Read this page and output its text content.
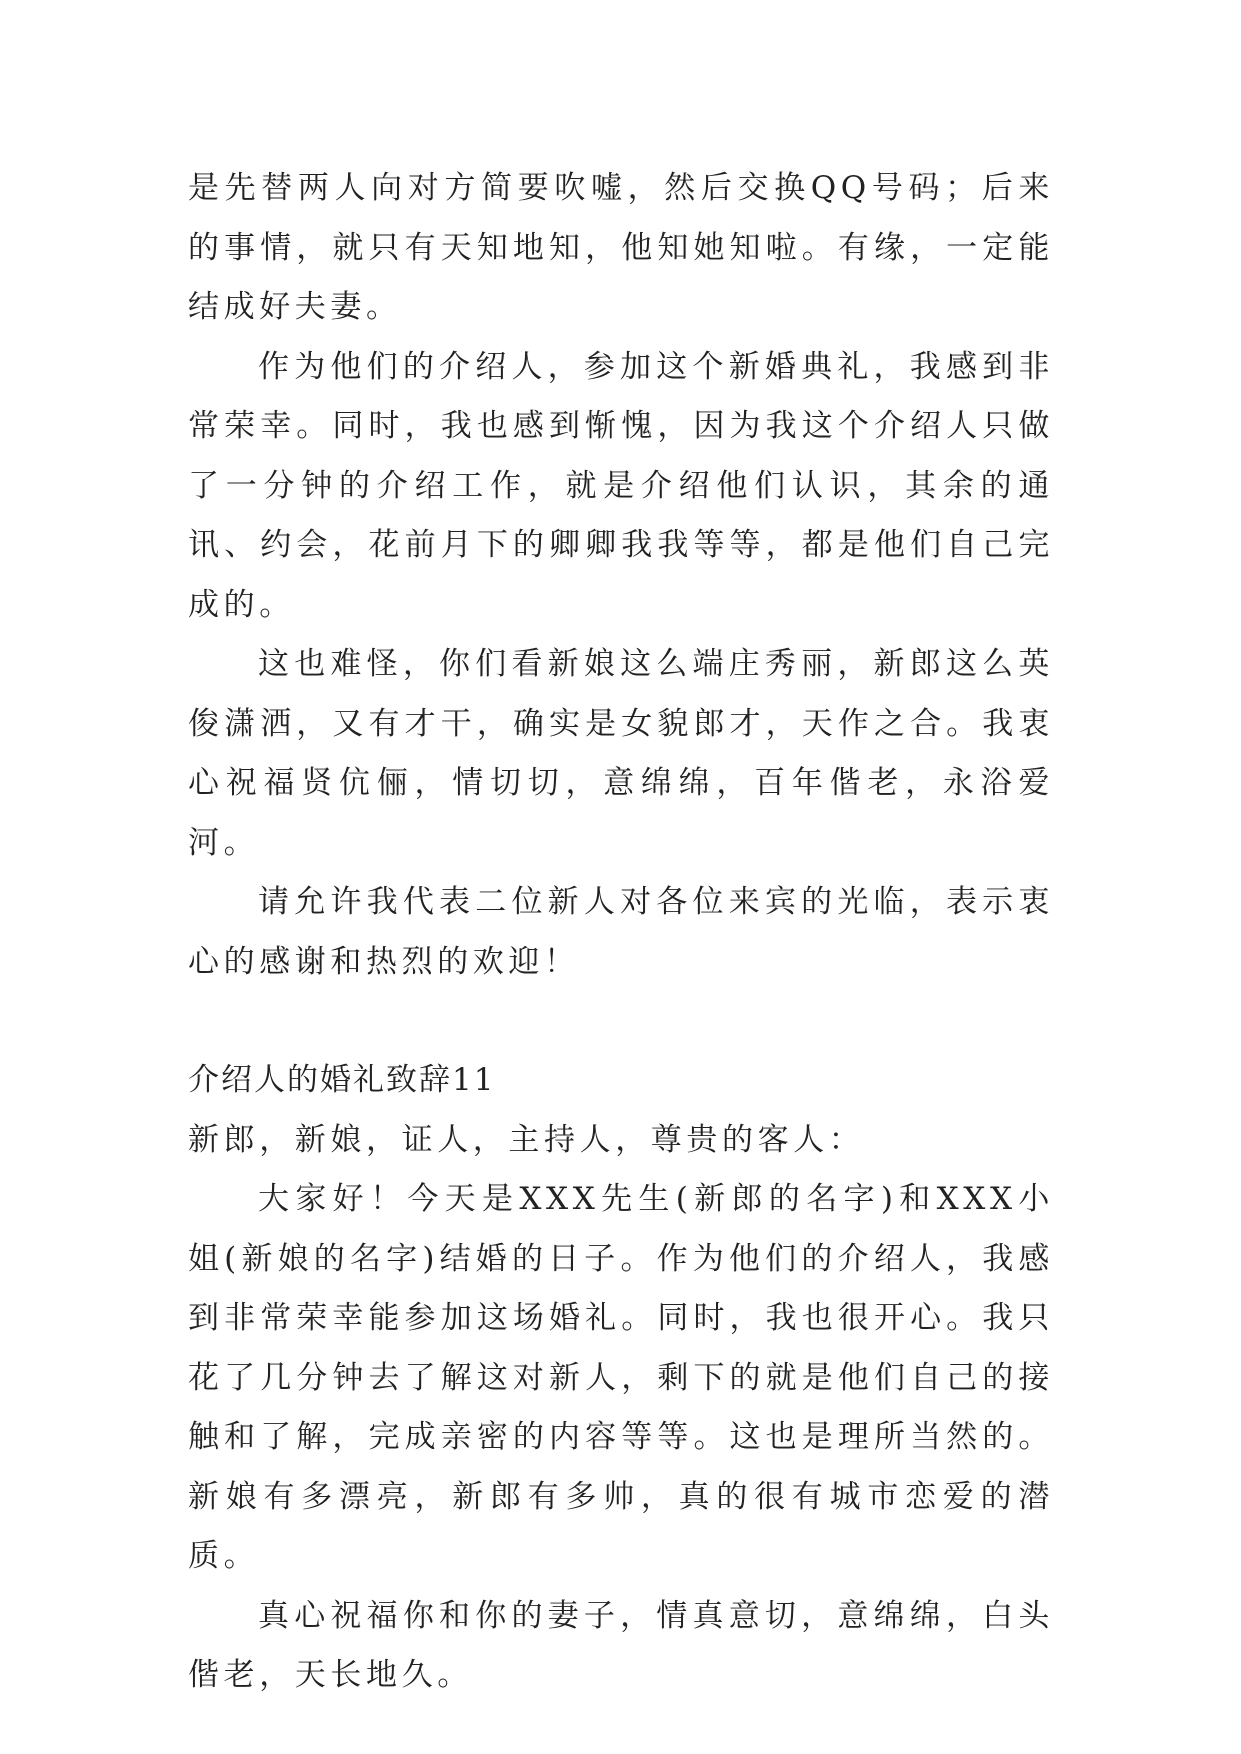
是先替两人向对方简要吹嘘，然后交换QQ号码；后来的事情，就只有天知地知，他知她知啦。有缘，一定能结成好夫妻。

作为他们的介绍人，参加这个新婚典礼，我感到非常荣幸。同时，我也感到惭愧，因为我这个介绍人只做了一分钟的介绍工作，就是介绍他们认识，其余的通讯、约会，花前月下的卿卿我我等等，都是他们自己完成的。

这也难怪，你们看新娘这么端庄秀丽，新郎这么英俊潇洒，又有才干，确实是女貌郎才，天作之合。我衷心祝福贤伉俪，情切切，意绵绵，百年偕老，永浴爱河。

请允许我代表二位新人对各位来宾的光临，表示衷心的感谢和热烈的欢迎！

介绍人的婚礼致辞11

新郎，新娘，证人，主持人，尊贵的客人：

大家好！今天是XXX先生(新郎的名字)和XXX小姐(新娘的名字)结婚的日子。作为他们的介绍人，我感到非常荣幸能参加这场婚礼。同时，我也很开心。我只花了几分钟去了解这对新人，剩下的就是他们自己的接触和了解，完成亲密的内容等等。这也是理所当然的。新娘有多漂亮，新郎有多帅，真的很有城市恋爱的潜质。

真心祝福你和你的妻子，情真意切，意绵绵，白头偕老，天长地久。
